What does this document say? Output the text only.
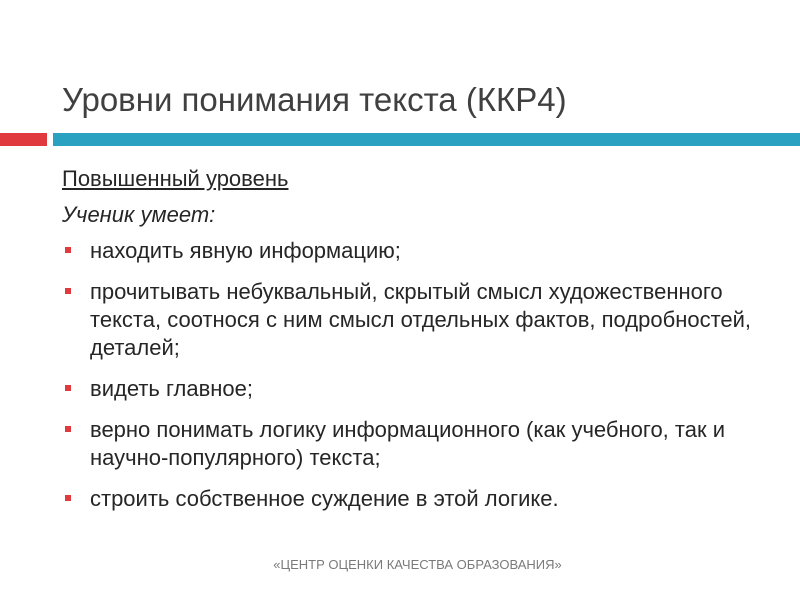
Уровни понимания текста (ККР4)
Повышенный уровень
Ученик умеет:
находить явную информацию;
прочитывать небуквальный, скрытый смысл художественного текста, соотнося с ним смысл отдельных фактов, подробностей, деталей;
видеть главное;
верно понимать логику информационного (как учебного, так и научно-популярного) текста;
строить собственное суждение в этой логике.
«ЦЕНТР ОЦЕНКИ КАЧЕСТВА ОБРАЗОВАНИЯ»
